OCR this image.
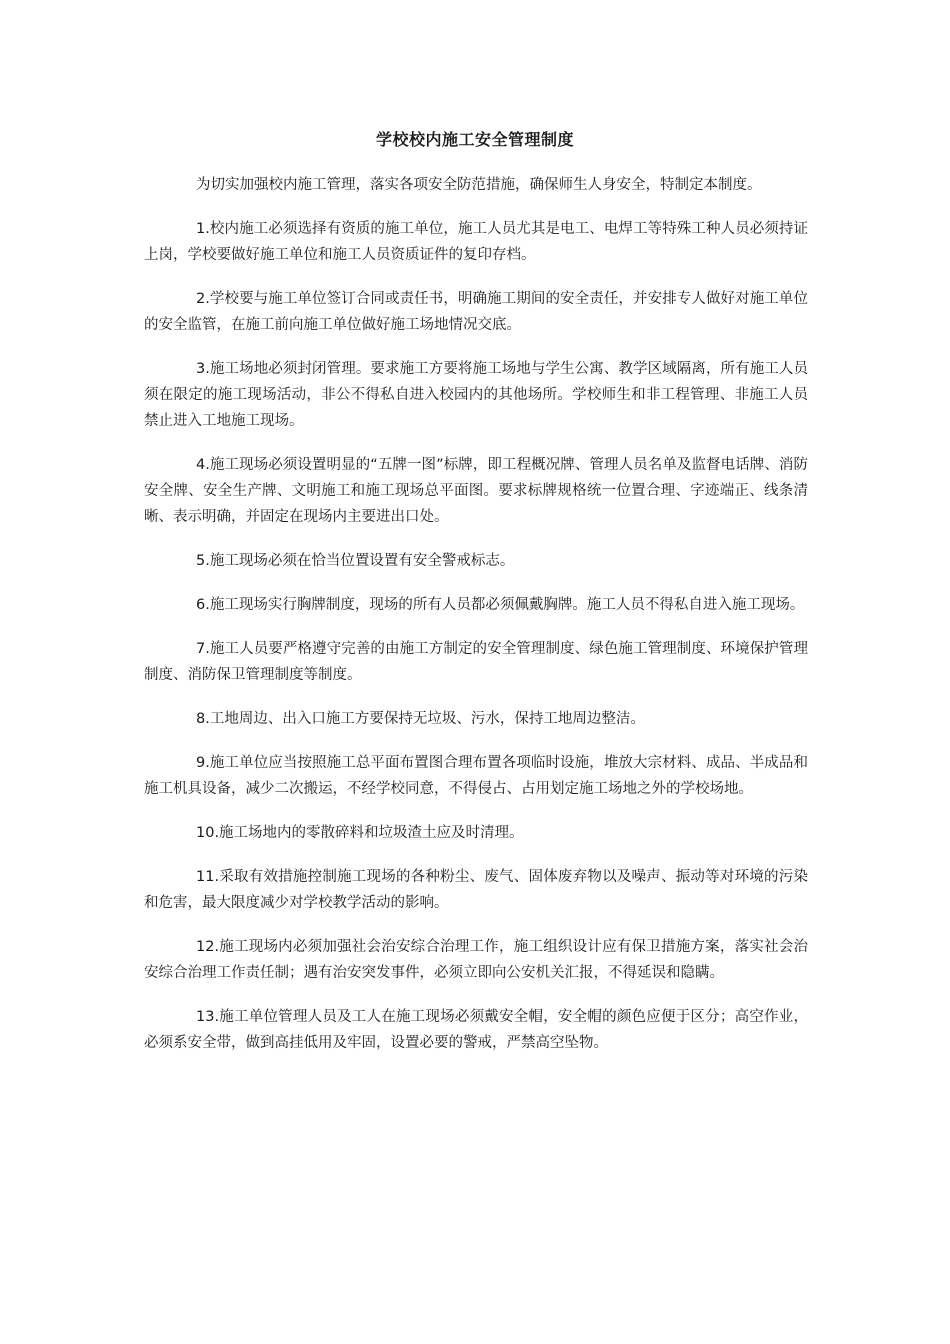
学校校内施工安全管理制度

为切实加强校内施工管理，落实各项安全防范措施，确保师生人身安全，特制定本制度。

1.校内施工必须选择有资质的施工单位，施工人员尤其是电工、电焊工等特殊工种人员必须持证上岗，学校要做好施工单位和施工人员资质证件的复印存档。

2.学校要与施工单位签订合同或责任书，明确施工期间的安全责任，并安排专人做好对施工单位的安全监管，在施工前向施工单位做好施工场地情况交底。

3.施工场地必须封闭管理。要求施工方要将施工场地与学生公寓、教学区域隔离，所有施工人员须在限定的施工现场活动，非公不得私自进入校园内的其他场所。学校师生和非工程管理、非施工人员禁止进入工地施工现场。

4.施工现场必须设置明显的“五牌一图”标牌，即工程概况牌、管理人员名单及监督电话牌、消防安全牌、安全生产牌、文明施工和施工现场总平面图。要求标牌规格统一位置合理、字迹端正、线条清晰、表示明确，并固定在现场内主要进出口处。

5.施工现场必须在恰当位置设置有安全警戒标志。

6.施工现场实行胸牌制度，现场的所有人员都必须佩戴胸牌。施工人员不得私自进入施工现场。

7.施工人员要严格遵守完善的由施工方制定的安全管理制度、绿色施工管理制度、环境保护管理制度、消防保卫管理制度等制度。

8.工地周边、出入口施工方要保持无垃圾、污水，保持工地周边整洁。

9.施工单位应当按照施工总平面布置图合理布置各项临时设施，堆放大宗材料、成品、半成品和施工机具设备，减少二次搬运，不经学校同意，不得侵占、占用划定施工场地之外的学校场地。

10.施工场地内的零散碎料和垃圾渣土应及时清理。

11.采取有效措施控制施工现场的各种粉尘、废气、固体废弃物以及噪声、振动等对环境的污染和危害，最大限度减少对学校教学活动的影响。

12.施工现场内必须加强社会治安综合治理工作，施工组织设计应有保卫措施方案，落实社会治安综合治理工作责任制；遇有治安突发事件，必须立即向公安机关汇报，不得延误和隐瞒。

13.施工单位管理人员及工人在施工现场必须戴安全帽，安全帽的颜色应便于区分；高空作业，必须系安全带，做到高挂低用及牢固，设置必要的警戒，严禁高空坠物。
